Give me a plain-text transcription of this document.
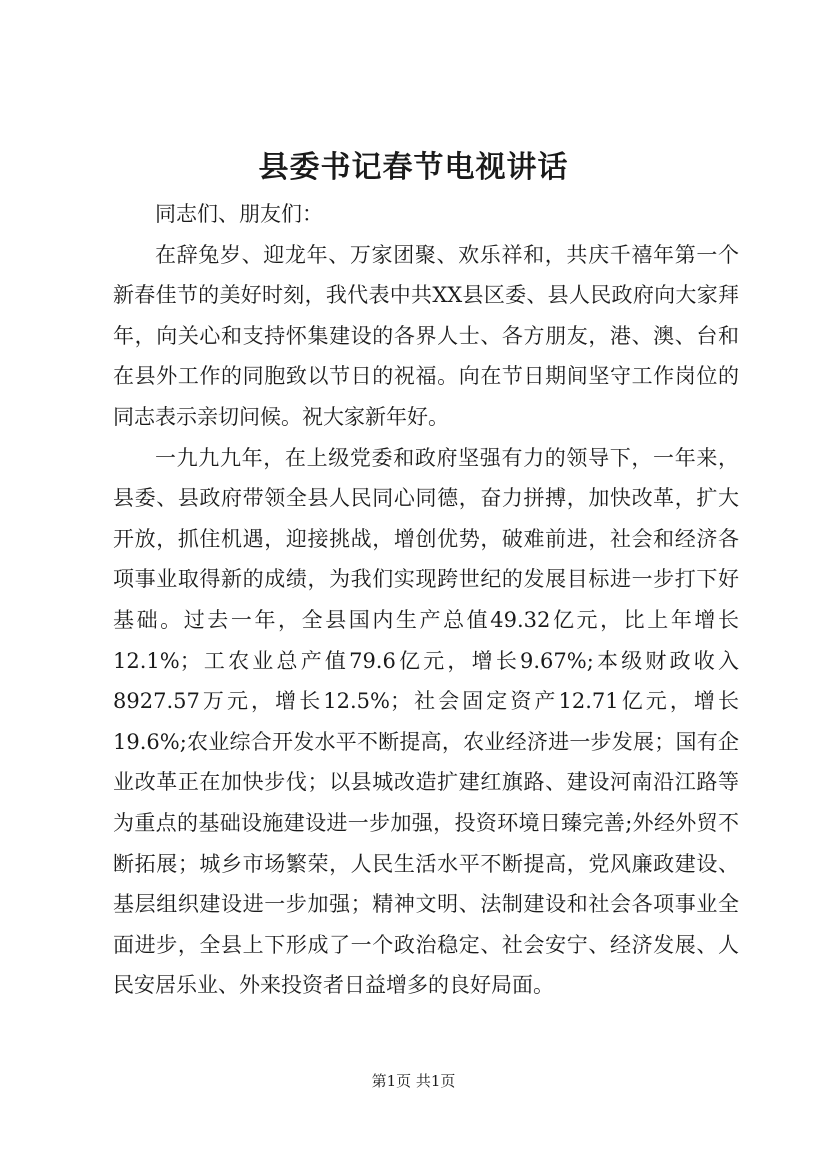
县委书记春节电视讲话

同志们、朋友们：

在辞兔岁、迎龙年、万家团聚、欢乐祥和，共庆千禧年第一个新春佳节的美好时刻，我代表中共XX县区委、县人民政府向大家拜年，向关心和支持怀集建设的各界人士、各方朋友，港、澳、台和在县外工作的同胞致以节日的祝福。向在节日期间坚守工作岗位的同志表示亲切问候。祝大家新年好。

一九九九年，在上级党委和政府坚强有力的领导下，一年来，县委、县政府带领全县人民同心同德，奋力拼搏，加快改革，扩大开放，抓住机遇，迎接挑战，增创优势，破难前进，社会和经济各项事业取得新的成绩，为我们实现跨世纪的发展目标进一步打下好基础。过去一年，全县国内生产总值49.32亿元，比上年增长12.1%；工农业总产值79.6亿元，增长9.67%;本级财政收入8927.57万元，增长12.5%；社会固定资产12.71亿元，增长19.6%;农业综合开发水平不断提高，农业经济进一步发展；国有企业改革正在加快步伐；以县城改造扩建红旗路、建设河南沿江路等为重点的基础设施建设进一步加强，投资环境日臻完善;外经外贸不断拓展；城乡市场繁荣，人民生活水平不断提高，党风廉政建设、基层组织建设进一步加强；精神文明、法制建设和社会各项事业全面进步，全县上下形成了一个政治稳定、社会安宁、经济发展、人民安居乐业、外来投资者日益增多的良好局面。

第1页 共1页
